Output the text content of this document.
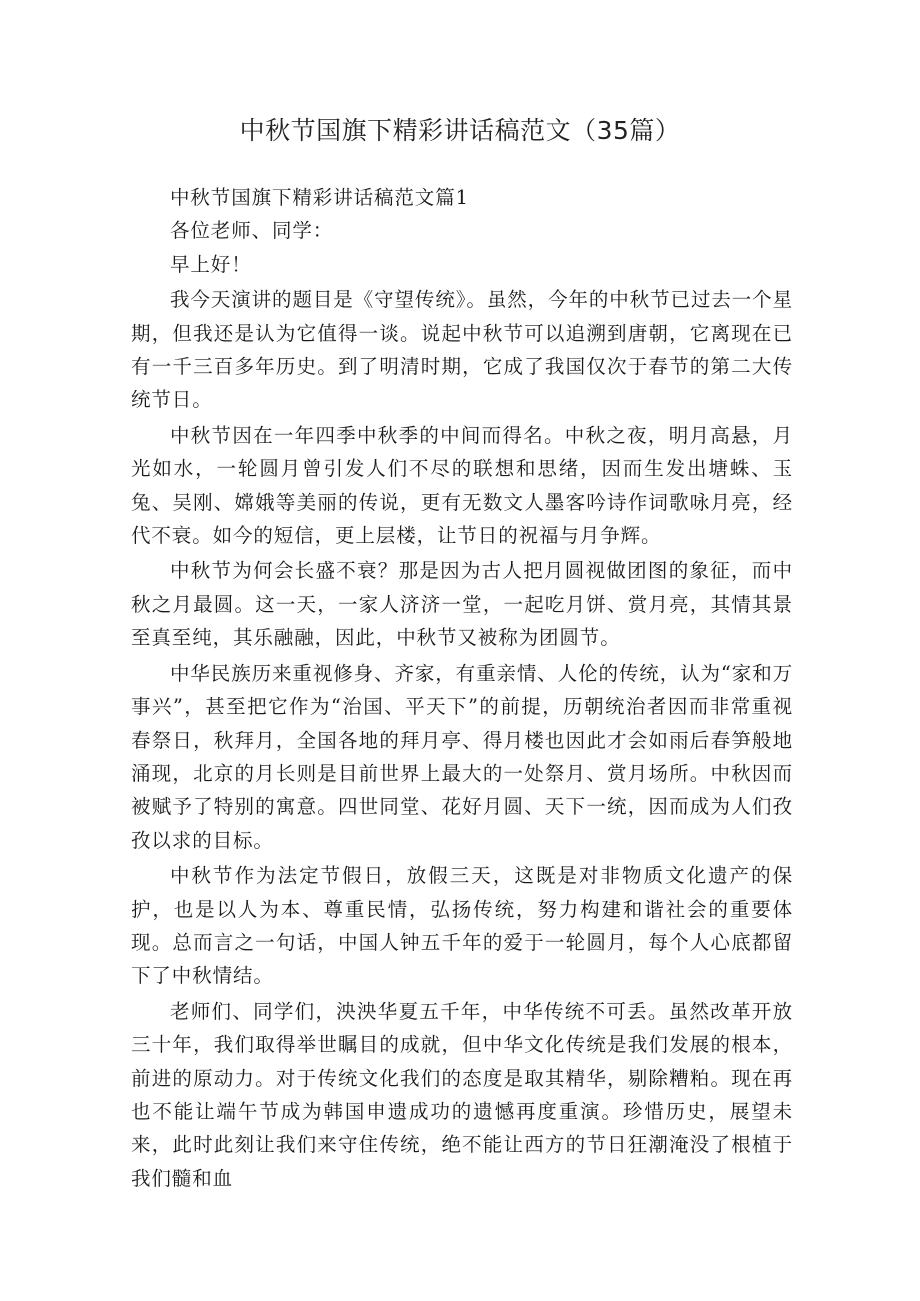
中秋节国旗下精彩讲话稿范文（35篇）

中秋节国旗下精彩讲话稿范文篇1

各位老师、同学：

早上好！

我今天演讲的题目是《守望传统》。虽然，今年的中秋节已过去一个星期，但我还是认为它值得一谈。说起中秋节可以追溯到唐朝，它离现在已有一千三百多年历史。到了明清时期，它成了我国仅次于春节的第二大传统节日。

中秋节因在一年四季中秋季的中间而得名。中秋之夜，明月高悬，月光如水，一轮圆月曾引发人们不尽的联想和思绪，因而生发出塘蛛、玉兔、吴刚、嫦娥等美丽的传说，更有无数文人墨客吟诗作词歌咏月亮，经代不衰。如今的短信，更上层楼，让节日的祝福与月争辉。

中秋节为何会长盛不衰？那是因为古人把月圆视做团图的象征，而中秋之月最圆。这一天，一家人济济一堂，一起吃月饼、赏月亮，其情其景至真至纯，其乐融融，因此，中秋节又被称为团圆节。

中华民族历来重视修身、齐家，有重亲情、人伦的传统，认为“家和万事兴”，甚至把它作为“治国、平天下”的前提，历朝统治者因而非常重视春祭日，秋拜月，全国各地的拜月亭、得月楼也因此才会如雨后春笋般地涌现，北京的月长则是目前世界上最大的一处祭月、赏月场所。中秋因而被赋予了特别的寓意。四世同堂、花好月圆、天下一统，因而成为人们孜孜以求的目标。

中秋节作为法定节假日，放假三天，这既是对非物质文化遗产的保护，也是以人为本、尊重民情，弘扬传统，努力构建和谐社会的重要体现。总而言之一句话，中国人钟五千年的爱于一轮圆月，每个人心底都留下了中秋情结。

老师们、同学们，泱泱华夏五千年，中华传统不可丢。虽然改革开放三十年，我们取得举世瞩目的成就，但中华文化传统是我们发展的根本，前进的原动力。对于传统文化我们的态度是取其精华，剔除糟粕。现在再也不能让端午节成为韩国申遗成功的遗憾再度重演。珍惜历史，展望未来，此时此刻让我们来守住传统，绝不能让西方的节日狂潮淹没了根植于我们髓和血
